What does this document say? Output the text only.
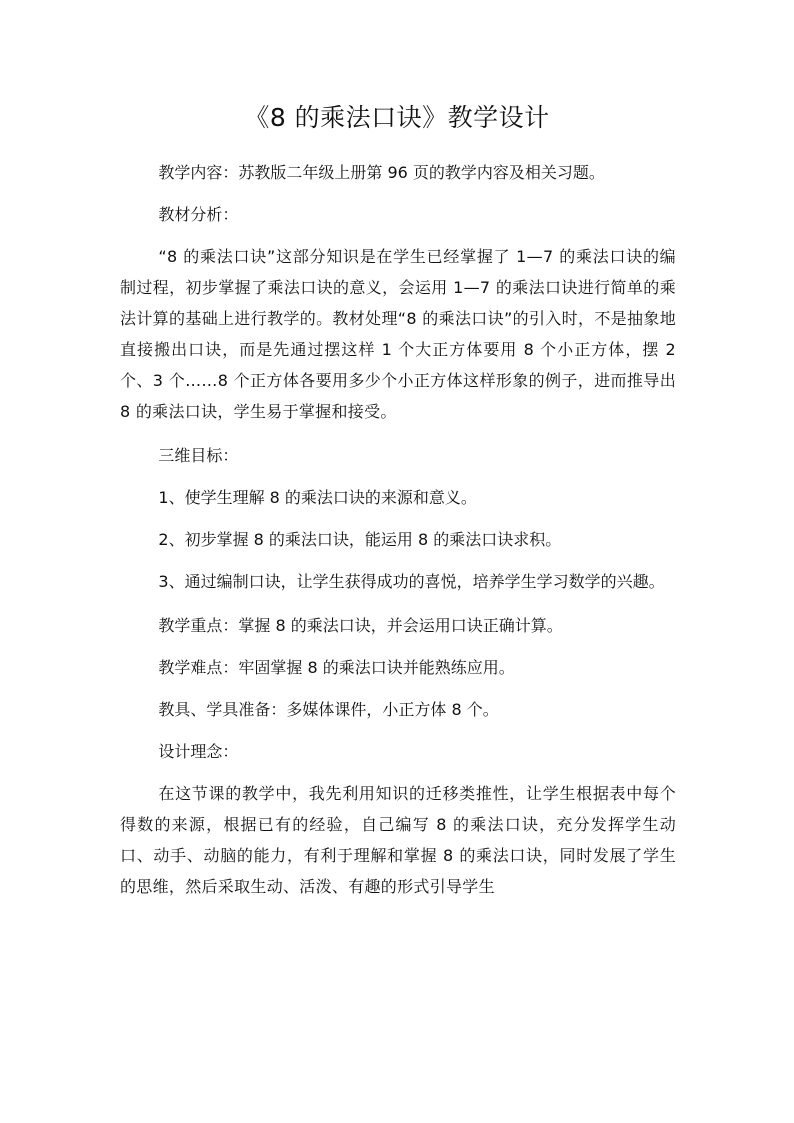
《8 的乘法口诀》教学设计

教学内容：苏教版二年级上册第 96 页的教学内容及相关习题。

教材分析：

“8 的乘法口诀”这部分知识是在学生已经掌握了 1—7 的乘法口诀的编制过程，初步掌握了乘法口诀的意义，会运用 1—7 的乘法口诀进行简单的乘法计算的基础上进行教学的。教材处理“8 的乘法口诀”的引入时，不是抽象地直接搬出口诀，而是先通过摆这样 1 个大正方体要用 8 个小正方体，摆 2 个、3 个……8 个正方体各要用多少个小正方体这样形象的例子，进而推导出 8 的乘法口诀，学生易于掌握和接受。

三维目标：

1、使学生理解 8 的乘法口诀的来源和意义。

2、初步掌握 8 的乘法口诀，能运用 8 的乘法口诀求积。

3、通过编制口诀，让学生获得成功的喜悦，培养学生学习数学的兴趣。

教学重点：掌握 8 的乘法口诀，并会运用口诀正确计算。

教学难点：牢固掌握 8 的乘法口诀并能熟练应用。

教具、学具准备：多媒体课件，小正方体 8 个。

设计理念：

在这节课的教学中，我先利用知识的迁移类推性，让学生根据表中每个得数的来源，根据已有的经验，自己编写 8 的乘法口诀，充分发挥学生动口、动手、动脑的能力，有利于理解和掌握 8 的乘法口诀，同时发展了学生的思维，然后采取生动、活泼、有趣的形式引导学生
